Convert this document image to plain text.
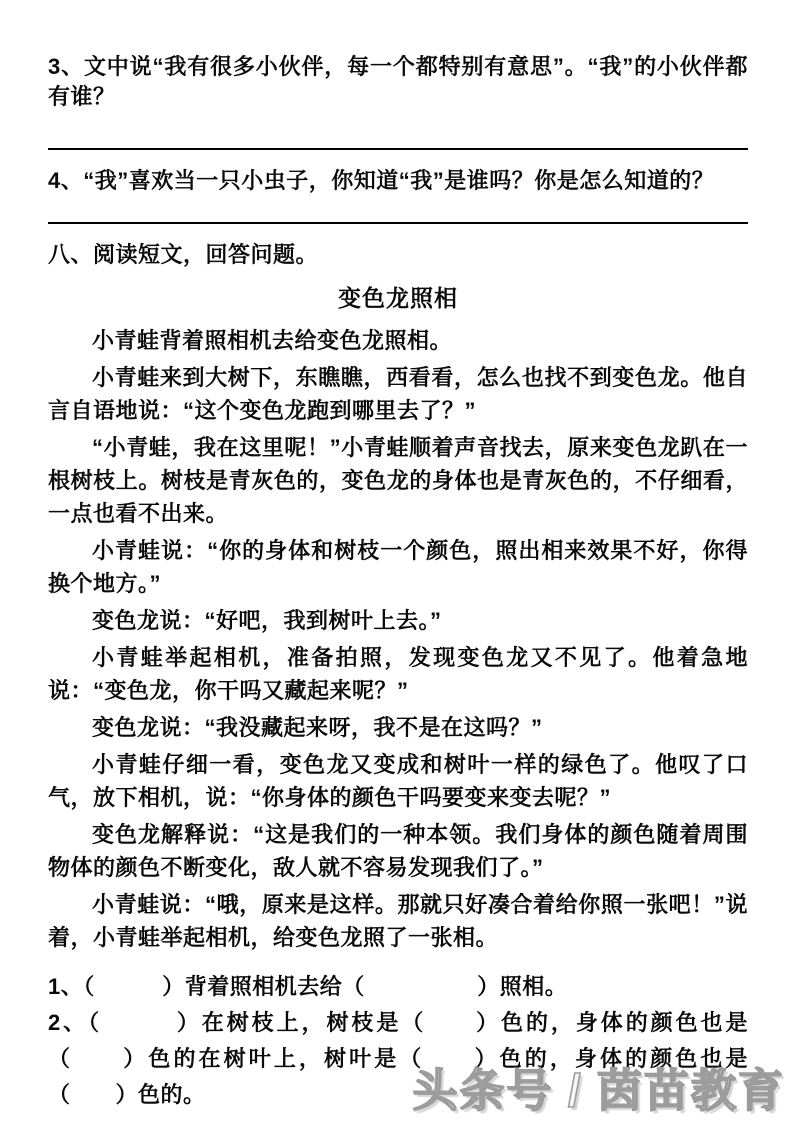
3、文中说“我有很多小伙伴，每一个都特别有意思”。“我”的小伙伴都有谁？
4、“我”喜欢当一只小虫子，你知道“我”是谁吗？你是怎么知道的？
八、阅读短文，回答问题。
变色龙照相
小青蛙背着照相机去给变色龙照相。
小青蛙来到大树下，东瞧瞧，西看看，怎么也找不到变色龙。他自言自语地说：“这个变色龙跑到哪里去了？”
“小青蛙，我在这里呢！”小青蛙顺着声音找去，原来变色龙趴在一根树枝上。树枝是青灰色的，变色龙的身体也是青灰色的，不仔细看，一点也看不出来。
小青蛙说：“你的身体和树枝一个颜色，照出相来效果不好，你得换个地方。”
变色龙说：“好吧，我到树叶上去。”
小青蛙举起相机，准备拍照，发现变色龙又不见了。他着急地说：“变色龙，你干吗又藏起来呢？”
变色龙说：“我没藏起来呀，我不是在这吗？”
小青蛙仔细一看，变色龙又变成和树叶一样的绿色了。他叹了口气，放下相机，说：“你身体的颜色干吗要变来变去呢？”
变色龙解释说：“这是我们的一种本领。我们身体的颜色随着周围物体的颜色不断变化，敌人就不容易发现我们了。”
小青蛙说：“哦，原来是这样。那就只好凑合着给你照一张吧！”说着，小青蛙举起相机，给变色龙照了一张相。
1、（　　　）背着照相机去给（　　　　　）照相。
2、（　　　）在树枝上，树枝是（　　）色的，身体的颜色也是（　　）色的在树叶上，树叶是（　　）色的，身体的颜色也是（　　）色的。	头条号 / 茵苗教育
